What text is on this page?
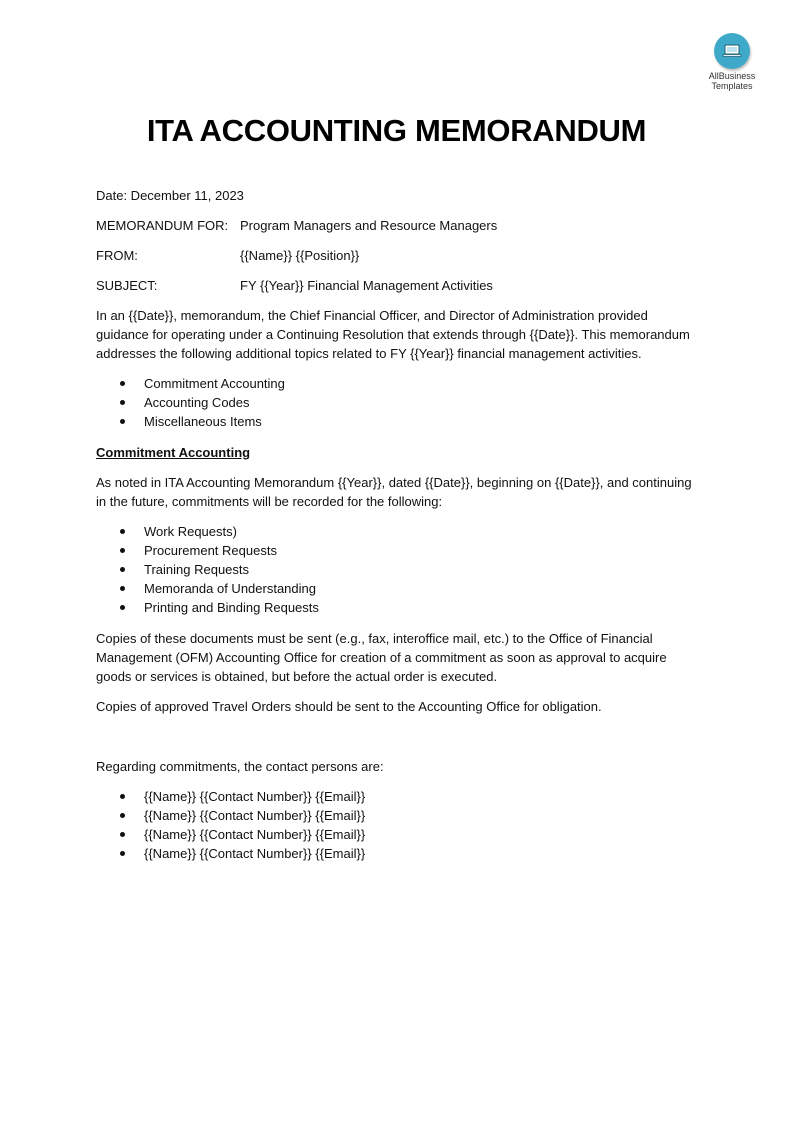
AllBusiness
Templates
ITA ACCOUNTING MEMORANDUM

Date: December 11, 2023

MEMORANDUM FOR: Program Managers and Resource Managers
FROM:	{{Name}} {{Position}}
SUBJECT:	FY {{Year}} Financial Management Activities

In an {{Date}}, memorandum, the Chief Financial Officer, and Director of Administration provided guidance for operating under a Continuing Resolution that extends through {{Date}}. This memorandum addresses the following additional topics related to FY {{Year}} financial management activities.

Commitment Accounting
Accounting Codes
Miscellaneous Items

Commitment Accounting

As noted in ITA Accounting Memorandum {{Year}}, dated {{Date}}, beginning on {{Date}}, and continuing in the future, commitments will be recorded for the following:

Work Requests)
Procurement Requests
Training Requests
Memoranda of Understanding
Printing and Binding Requests

Copies of these documents must be sent (e.g., fax, interoffice mail, etc.) to the Office of Financial Management (OFM) Accounting Office for creation of a commitment as soon as approval to acquire goods or services is obtained, but before the actual order is executed.

Copies of approved Travel Orders should be sent to the Accounting Office for obligation.

Regarding commitments, the contact persons are:

{{Name}} {{Contact Number}} {{Email}}
{{Name}} {{Contact Number}} {{Email}}
{{Name}} {{Contact Number}} {{Email}}
{{Name}} {{Contact Number}} {{Email}}
